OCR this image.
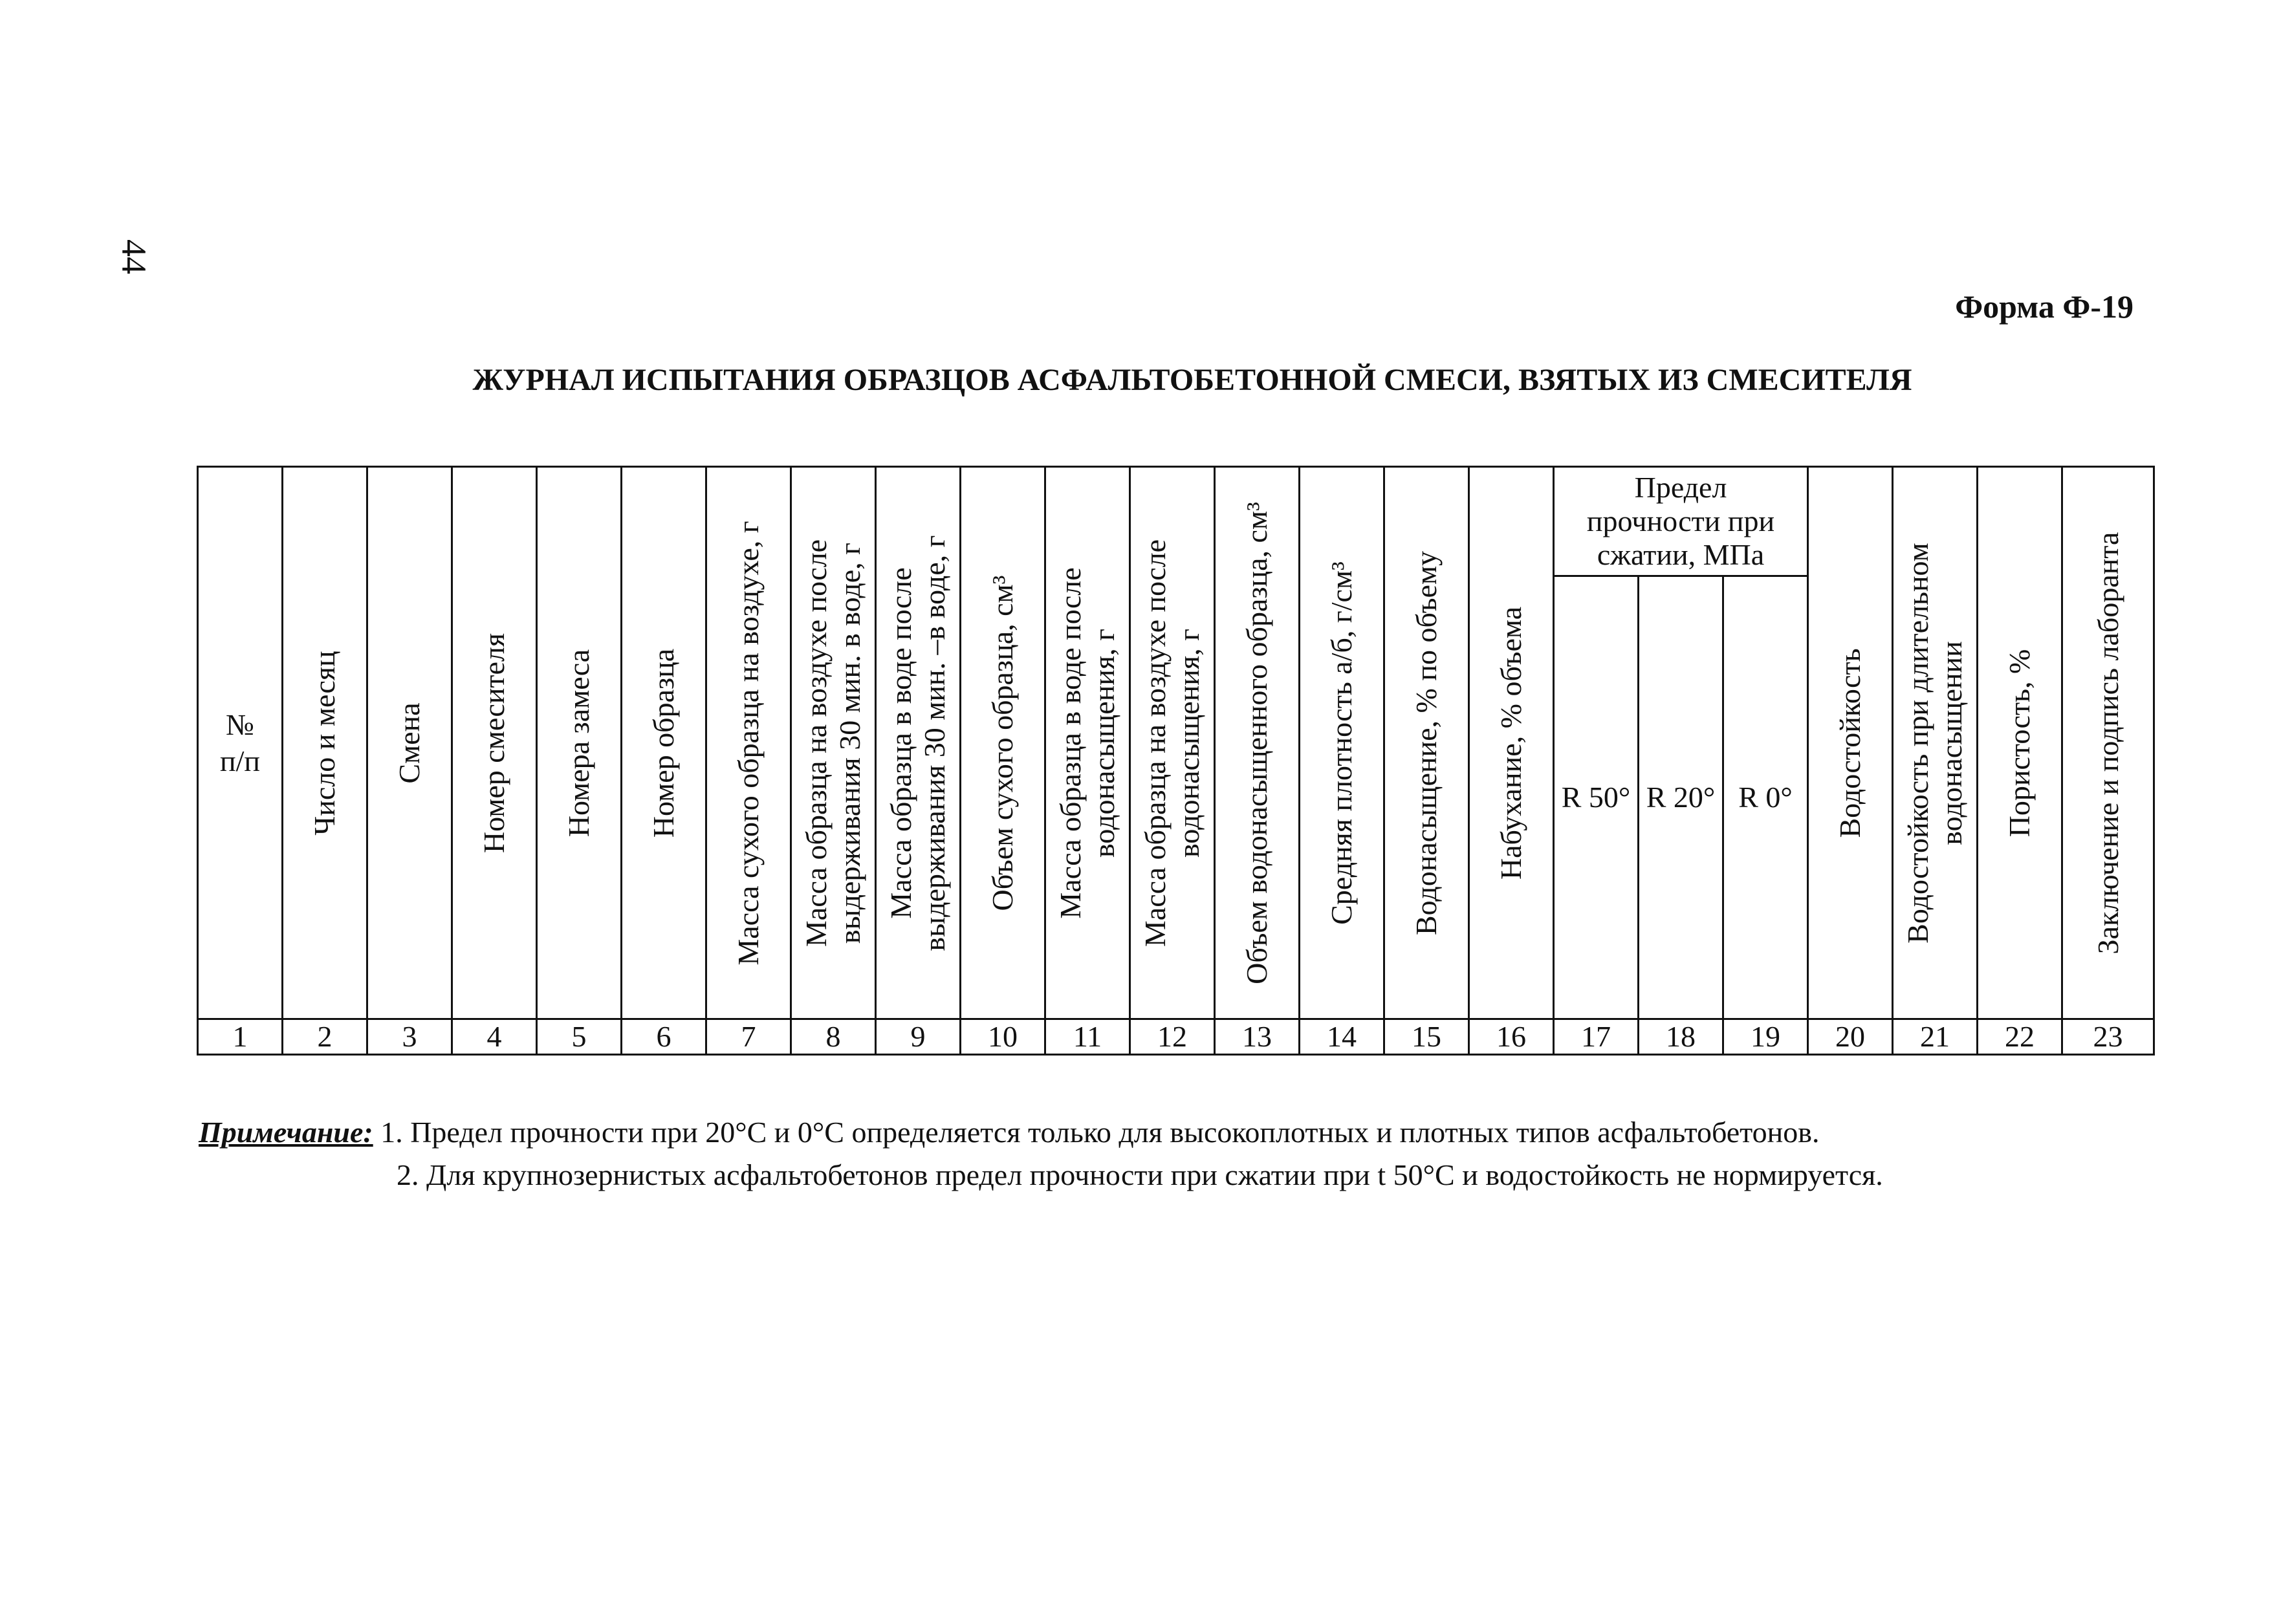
44
Форма Ф-19
ЖУРНАЛ ИСПЫТАНИЯ ОБРАЗЦОВ АСФАЛЬТОБЕТОННОЙ СМЕСИ, ВЗЯТЫХ ИЗ СМЕСИТЕЛЯ
№ п/п	Число и месяц	Смена	Номер смесителя	Номера замеса	Номер образца	Масса сухого образца на воздухе, г	Масса образца на воздухе после выдерживания 30 мин. в воде, г	Масса образца в воде после выдерживания 30 мин. –в воде, г	Объем сухого образца, см³	Масса образца в воде после водонасыщения, г	Масса образца на воздухе после водонасыщения, г	Объем водонасыщенного образца, см³	Средняя плотность а/б, г/см³	Водонасыщение, % по объему	Набухание, % объема	Предел прочности при сжатии, МПа			Водостойкость	Водостойкость при длительном водонасыщении	Пористость, %	Заключение и подпись лаборанта

																R 50°	R 20°	R 0°				
1	2	3	4	5	6	7	8	9	10	11	12	13	14	15	16	17	18	19	20	21	22	23
Примечание: 1. Предел прочности при 20°С и 0°С определяется только для высокоплотных и плотных типов асфальтобетонов.
2. Для крупнозернистых асфальтобетонов предел прочности при сжатии при t 50°С и водостойкость не нормируется.
